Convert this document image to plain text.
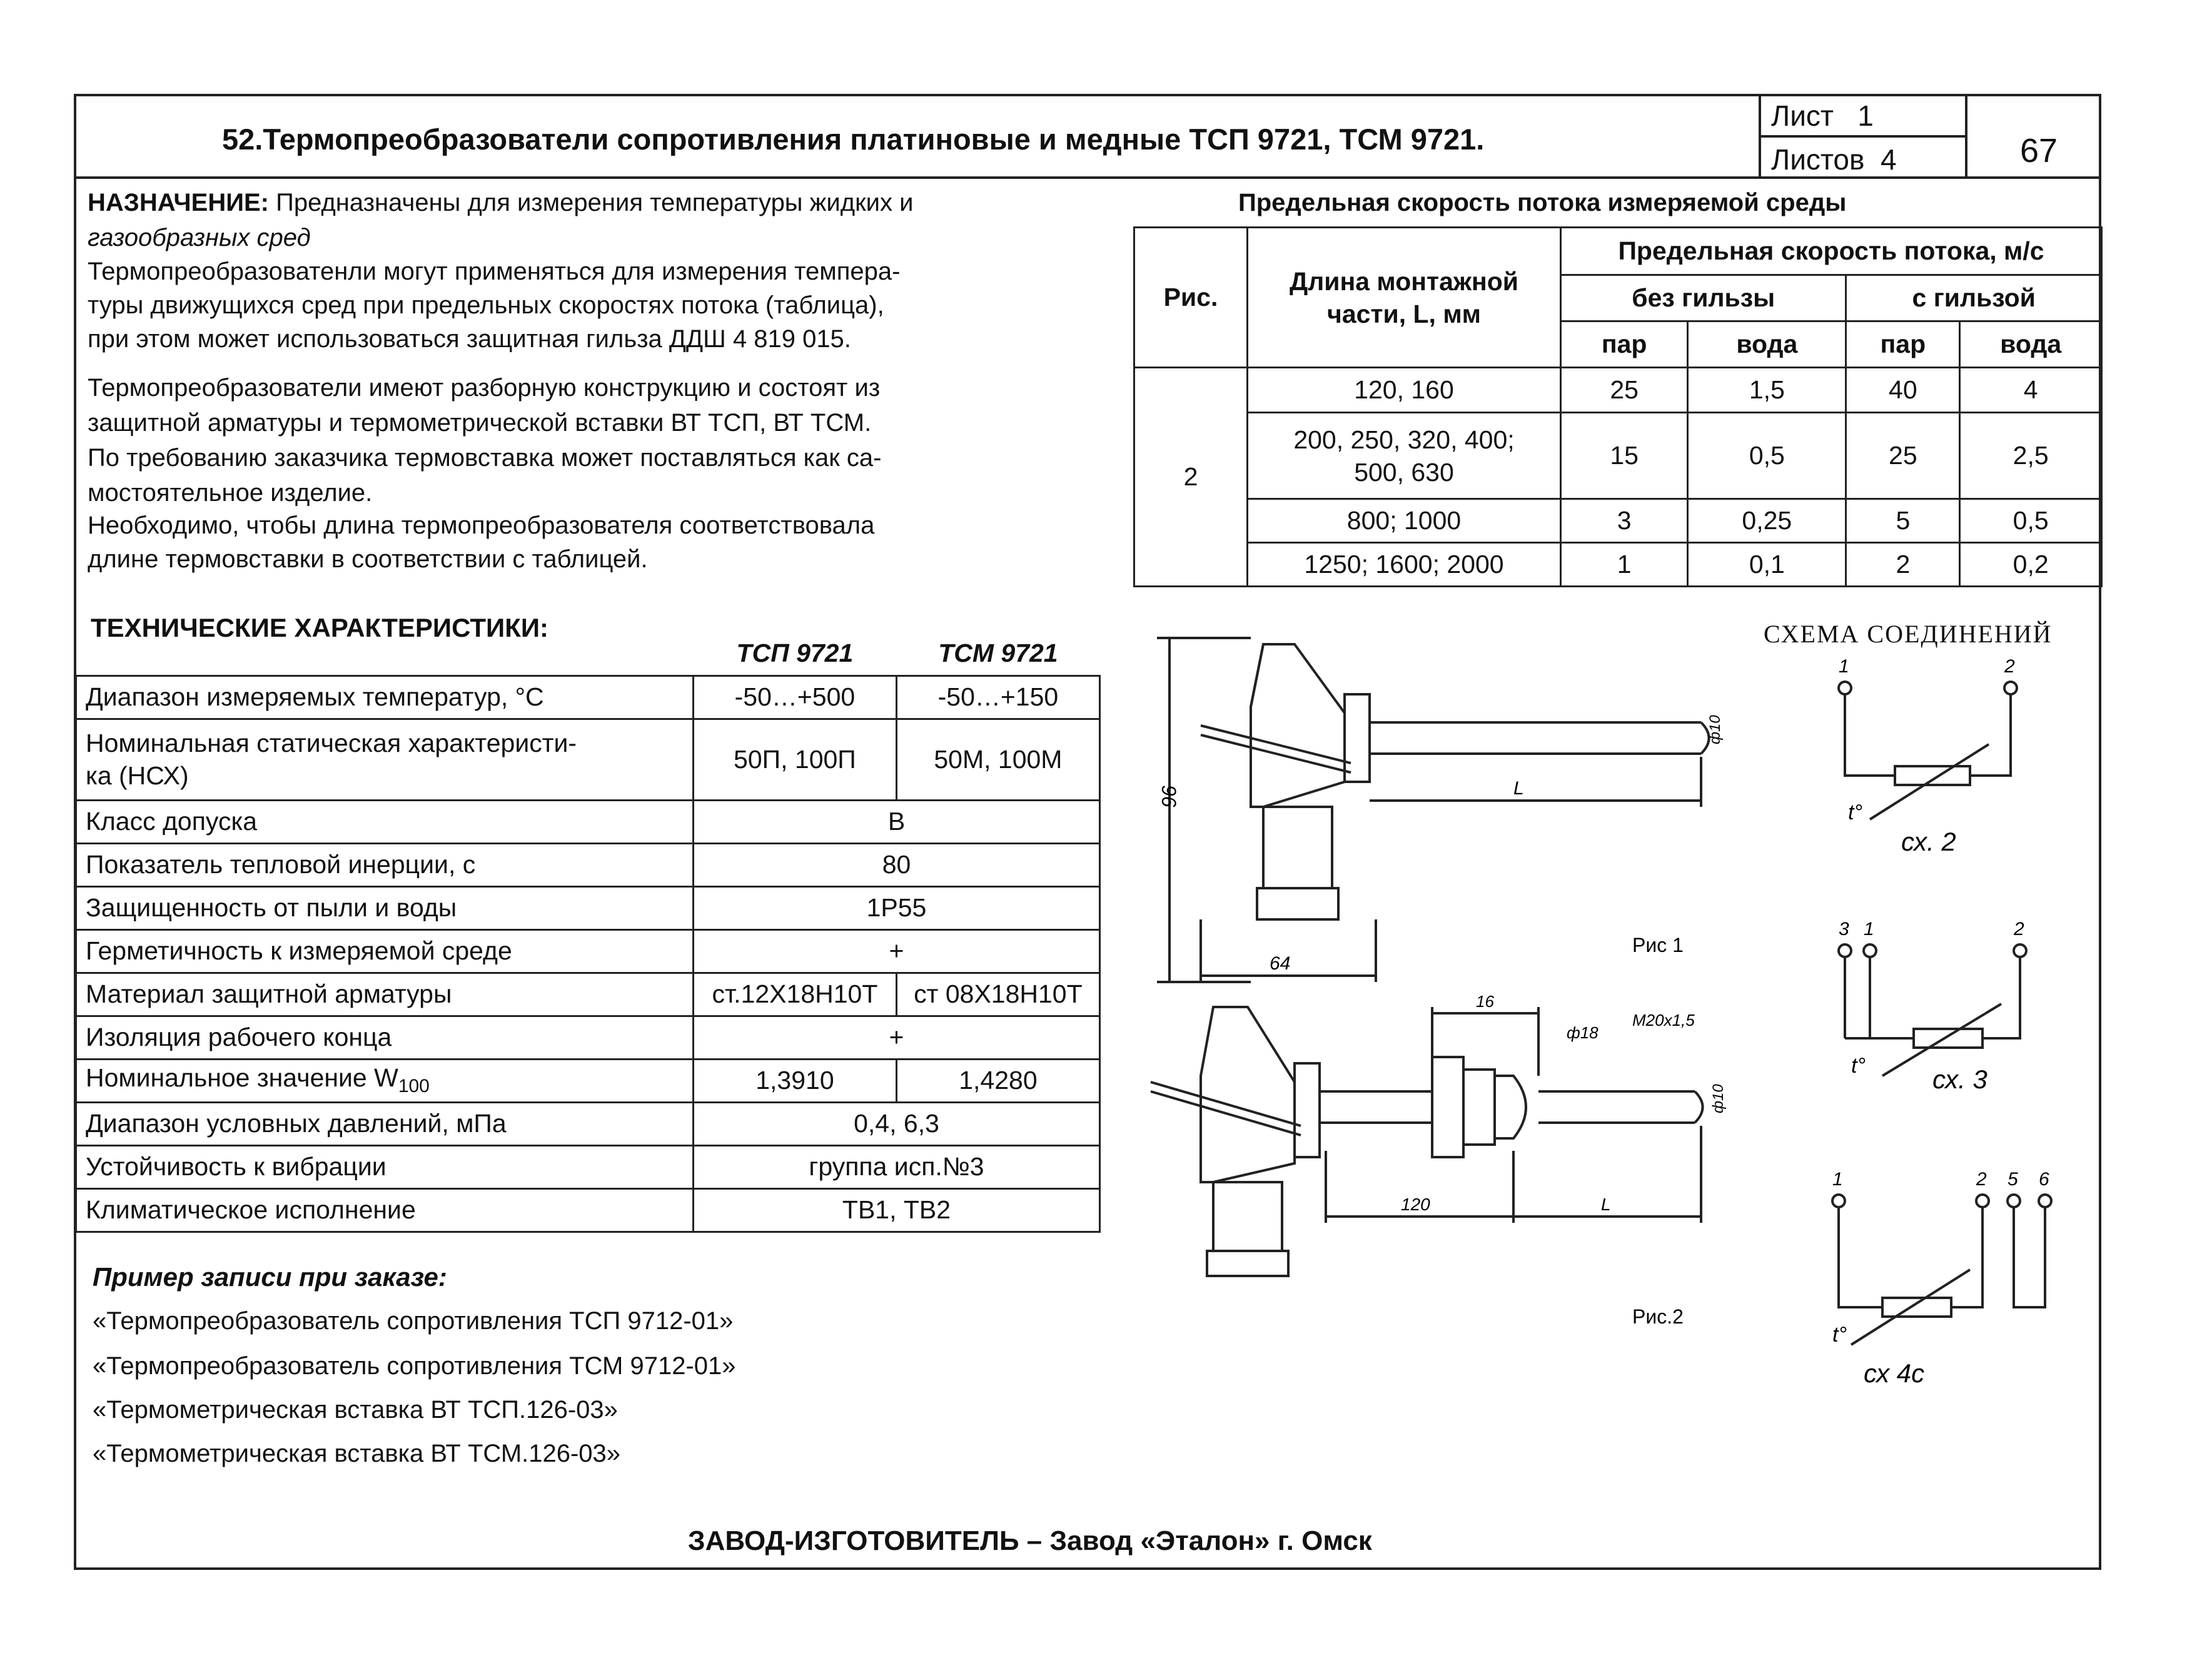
52.Термопреобразователи сопротивления платиновые и медные ТСП 9721, ТСМ 9721.
Лист 1
Листов 4	67
НАЗНАЧЕНИЕ: Предназначены для измерения температуры жидких и
газообразных сред
Термопреобразоватенли могут применяться для измерения темпера-
туры движущихся сред при предельных скоростях потока (таблица),
при этом может использоваться защитная гильза ДДШ 4 819 015.
Термопреобразователи имеют разборную конструкцию и состоят из
защитной арматуры и термометрической вставки ВТ ТСП, ВТ ТСМ.
По требованию заказчика термовставка может поставляться как са-
мостоятельное изделие.
Необходимо, чтобы длина термопреобразователя соответствовала
длине термовставки в соответствии с таблицей.
Предельная скорость потока измеряемой среды
Рис.	Длина монтажной части, L, мм	Предельная скорость потока, м/с			
		без гильзы		с гильзой	
		пар	вода	пар	вода
2	120, 160	25	1,5	40	4
	200, 250, 320, 400; 500, 630	15	0,5	25	2,5
	800; 1000	3	0,25	5	0,5
	1250; 1600; 2000	1	0,1	2	0,2
ТЕХНИЧЕСКИЕ ХАРАКТЕРИСТИКИ:
	ТСП 9721	ТСМ 9721
Диапазон измеряемых температур, °С	-50…+500	-50…+150
Номинальная статическая характеристи-
ка (НСХ)	50П, 100П	50М, 100М
Класс допуска	В	
Показатель тепловой инерции, с	80	
Защищенность от пыли и воды	1Р55	
Герметичность к измеряемой среде	+	
Материал защитной арматуры	ст.12Х18Н10Т	ст 08Х18Н10Т
Изоляция рабочего конца	+	
Номинальное значение $W_{100}$	1,3910	1,4280
Диапазон условных давлений, мПа	0,4, 6,3	
Устойчивость к вибрации	группа исп.№3	
Климатическое исполнение	ТВ1, ТВ2	
Пример записи при заказе:
«Термопреобразователь сопротивления ТСП 9712-01»
«Термопреобразователь сопротивления ТСМ 9712-01»
«Термометрическая вставка ВТ ТСП.126-03»
«Термометрическая вставка ВТ ТСМ.126-03»
ЗАВОД-ИЗГОТОВИТЕЛЬ – Завод «Эталон» г. Омск
96
64
L
ф10
Рис 1
16
ф18
М20х1,5
120	L
ф10
Рис.2
СХЕМА СОЕДИНЕНИЙ
1	2
t°
сх. 2
3 1	2
t°	сх. 3
1	2 5 6
t°
сх 4с
